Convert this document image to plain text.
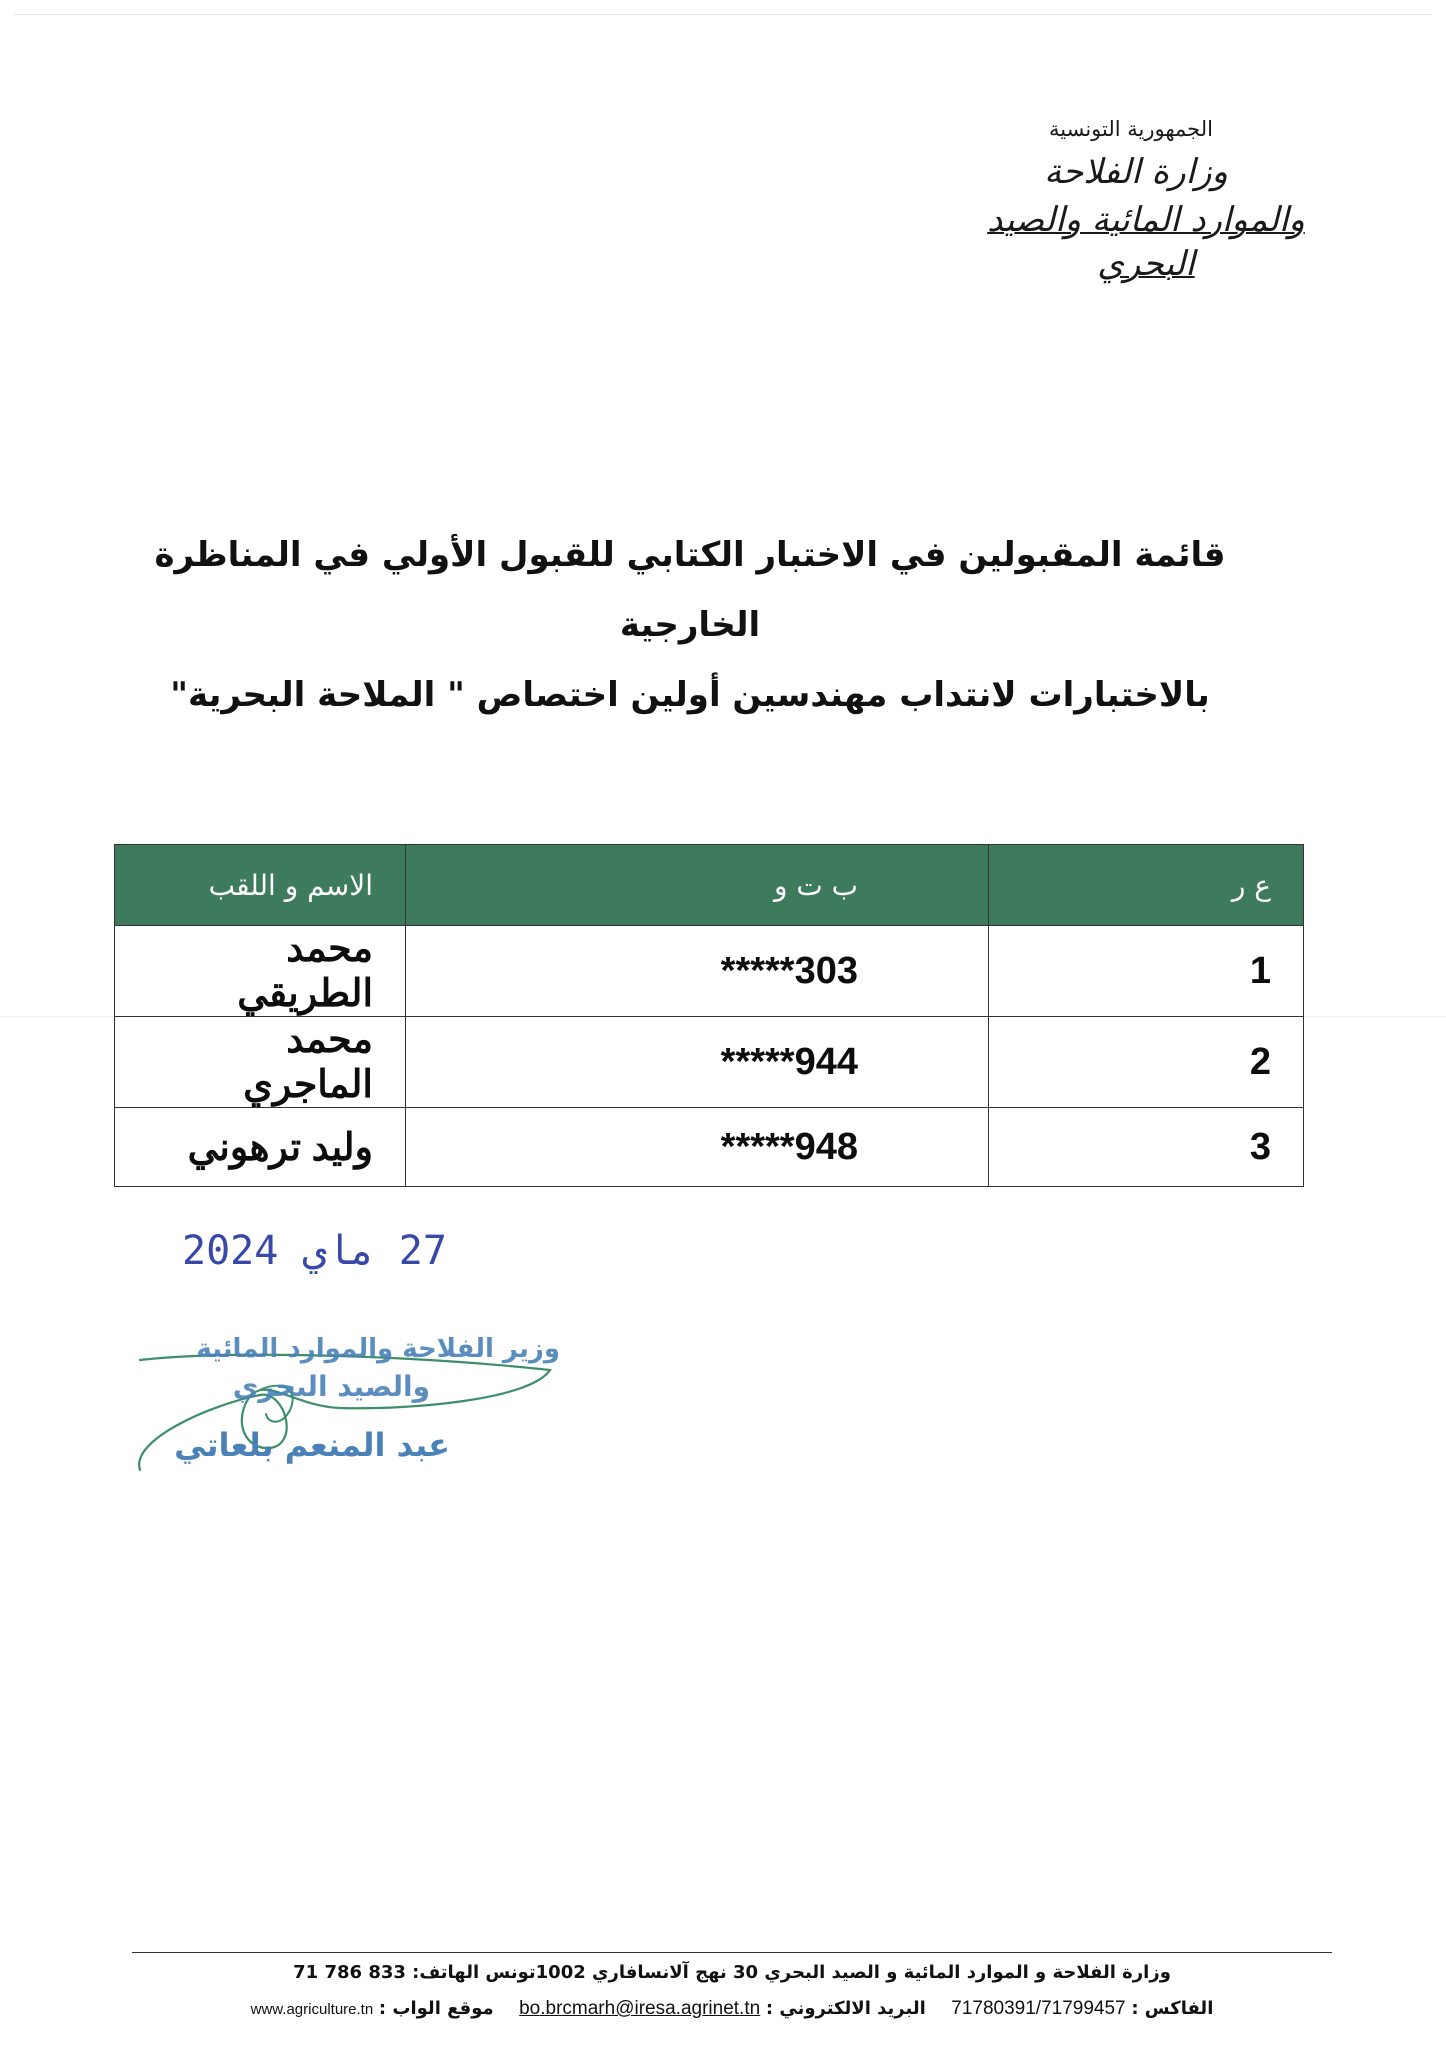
الجمهورية التونسية
وزارة الفلاحة
والموارد المائية والصيد البحري
قائمة المقبولين في الاختبار الكتابي للقبول الأولي في المناظرة الخارجية
بالاختبارات لانتداب مهندسين أولين اختصاص " الملاحة البحرية"
ع ر	ب ت و	الاسم و اللقب
1	*****303	محمد الطريقي
2	*****944	محمد الماجري
3	*****948	وليد ترهوني
27 ماي 2024
وزير الفلاحة والموارد المائية
والصيد البحري
عبد المنعم بلعاتي
وزارة الفلاحة و الموارد المائية و الصيد البحري 30 نهج آلانسافاري 1002تونس الهاتف: 833 786 71
الفاكس : 71780391/71799457  البريد الالكتروني : bo.brcmarh@iresa.agrinet.tn  موقع الواب : www.agriculture.tn
